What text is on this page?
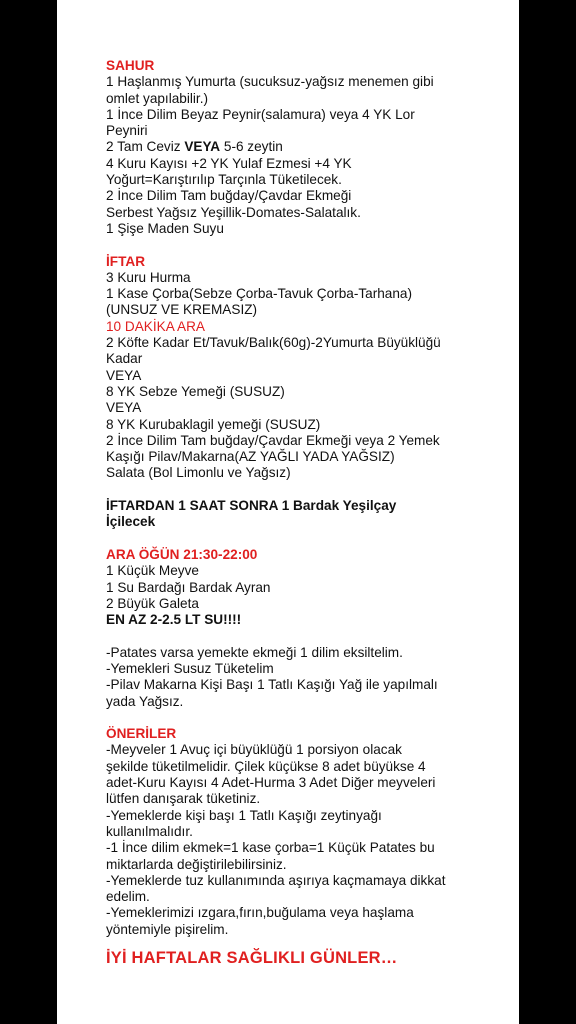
SAHUR
1 Haşlanmış Yumurta (sucuksuz-yağsız menemen gibi
omlet yapılabilir.)
1 İnce Dilim Beyaz Peynir(salamura) veya 4 YK Lor
Peyniri
2 Tam Ceviz VEYA 5-6 zeytin
4 Kuru Kayısı +2 YK Yulaf Ezmesi +4 YK
Yoğurt=Karıştırılıp Tarçınla Tüketilecek.
2 İnce Dilim Tam buğday/Çavdar Ekmeği
Serbest Yağsız Yeşillik-Domates-Salatalık.
1 Şişe Maden Suyu
İFTAR
3 Kuru Hurma
1 Kase Çorba(Sebze Çorba-Tavuk Çorba-Tarhana)
(UNSUZ VE KREMASIZ)
10 DAKİKA ARA
2 Köfte Kadar Et/Tavuk/Balık(60g)-2Yumurta Büyüklüğü
Kadar
VEYA
8 YK Sebze Yemeği (SUSUZ)
VEYA
8 YK Kurubaklagil yemeği (SUSUZ)
2 İnce Dilim Tam buğday/Çavdar Ekmeği veya 2 Yemek
Kaşığı Pilav/Makarna(AZ YAĞLI YADA YAĞSIZ)
Salata (Bol Limonlu ve Yağsız)
İFTARDAN 1 SAAT SONRA 1 Bardak Yeşilçay
İçilecek
ARA ÖĞÜN 21:30-22:00
1 Küçük Meyve
1 Su Bardağı Bardak Ayran
2 Büyük Galeta
EN AZ 2-2.5 LT SU!!!!
-Patates varsa yemekte ekmeği 1 dilim eksiltelim.
-Yemekleri Susuz Tüketelim
-Pilav Makarna Kişi Başı 1 Tatlı Kaşığı Yağ ile yapılmalı
yada Yağsız.
ÖNERİLER
-Meyveler 1 Avuç içi büyüklüğü 1 porsiyon olacak
şekilde tüketilmelidir. Çilek küçükse 8 adet büyükse 4
adet-Kuru Kayısı 4 Adet-Hurma 3 Adet Diğer meyveleri
lütfen danışarak tüketiniz.
-Yemeklerde kişi başı 1 Tatlı Kaşığı zeytinyağı
kullanılmalıdır.
-1 İnce dilim ekmek=1 kase çorba=1 Küçük Patates bu
miktarlarda değiştirilebilirsiniz.
-Yemeklerde tuz kullanımında aşırıya kaçmamaya dikkat
edelim.
-Yemeklerimizi ızgara,fırın,buğulama veya haşlama
yöntemiyle pişirelim.
İYİ HAFTALAR SAĞLIKLI GÜNLER…
